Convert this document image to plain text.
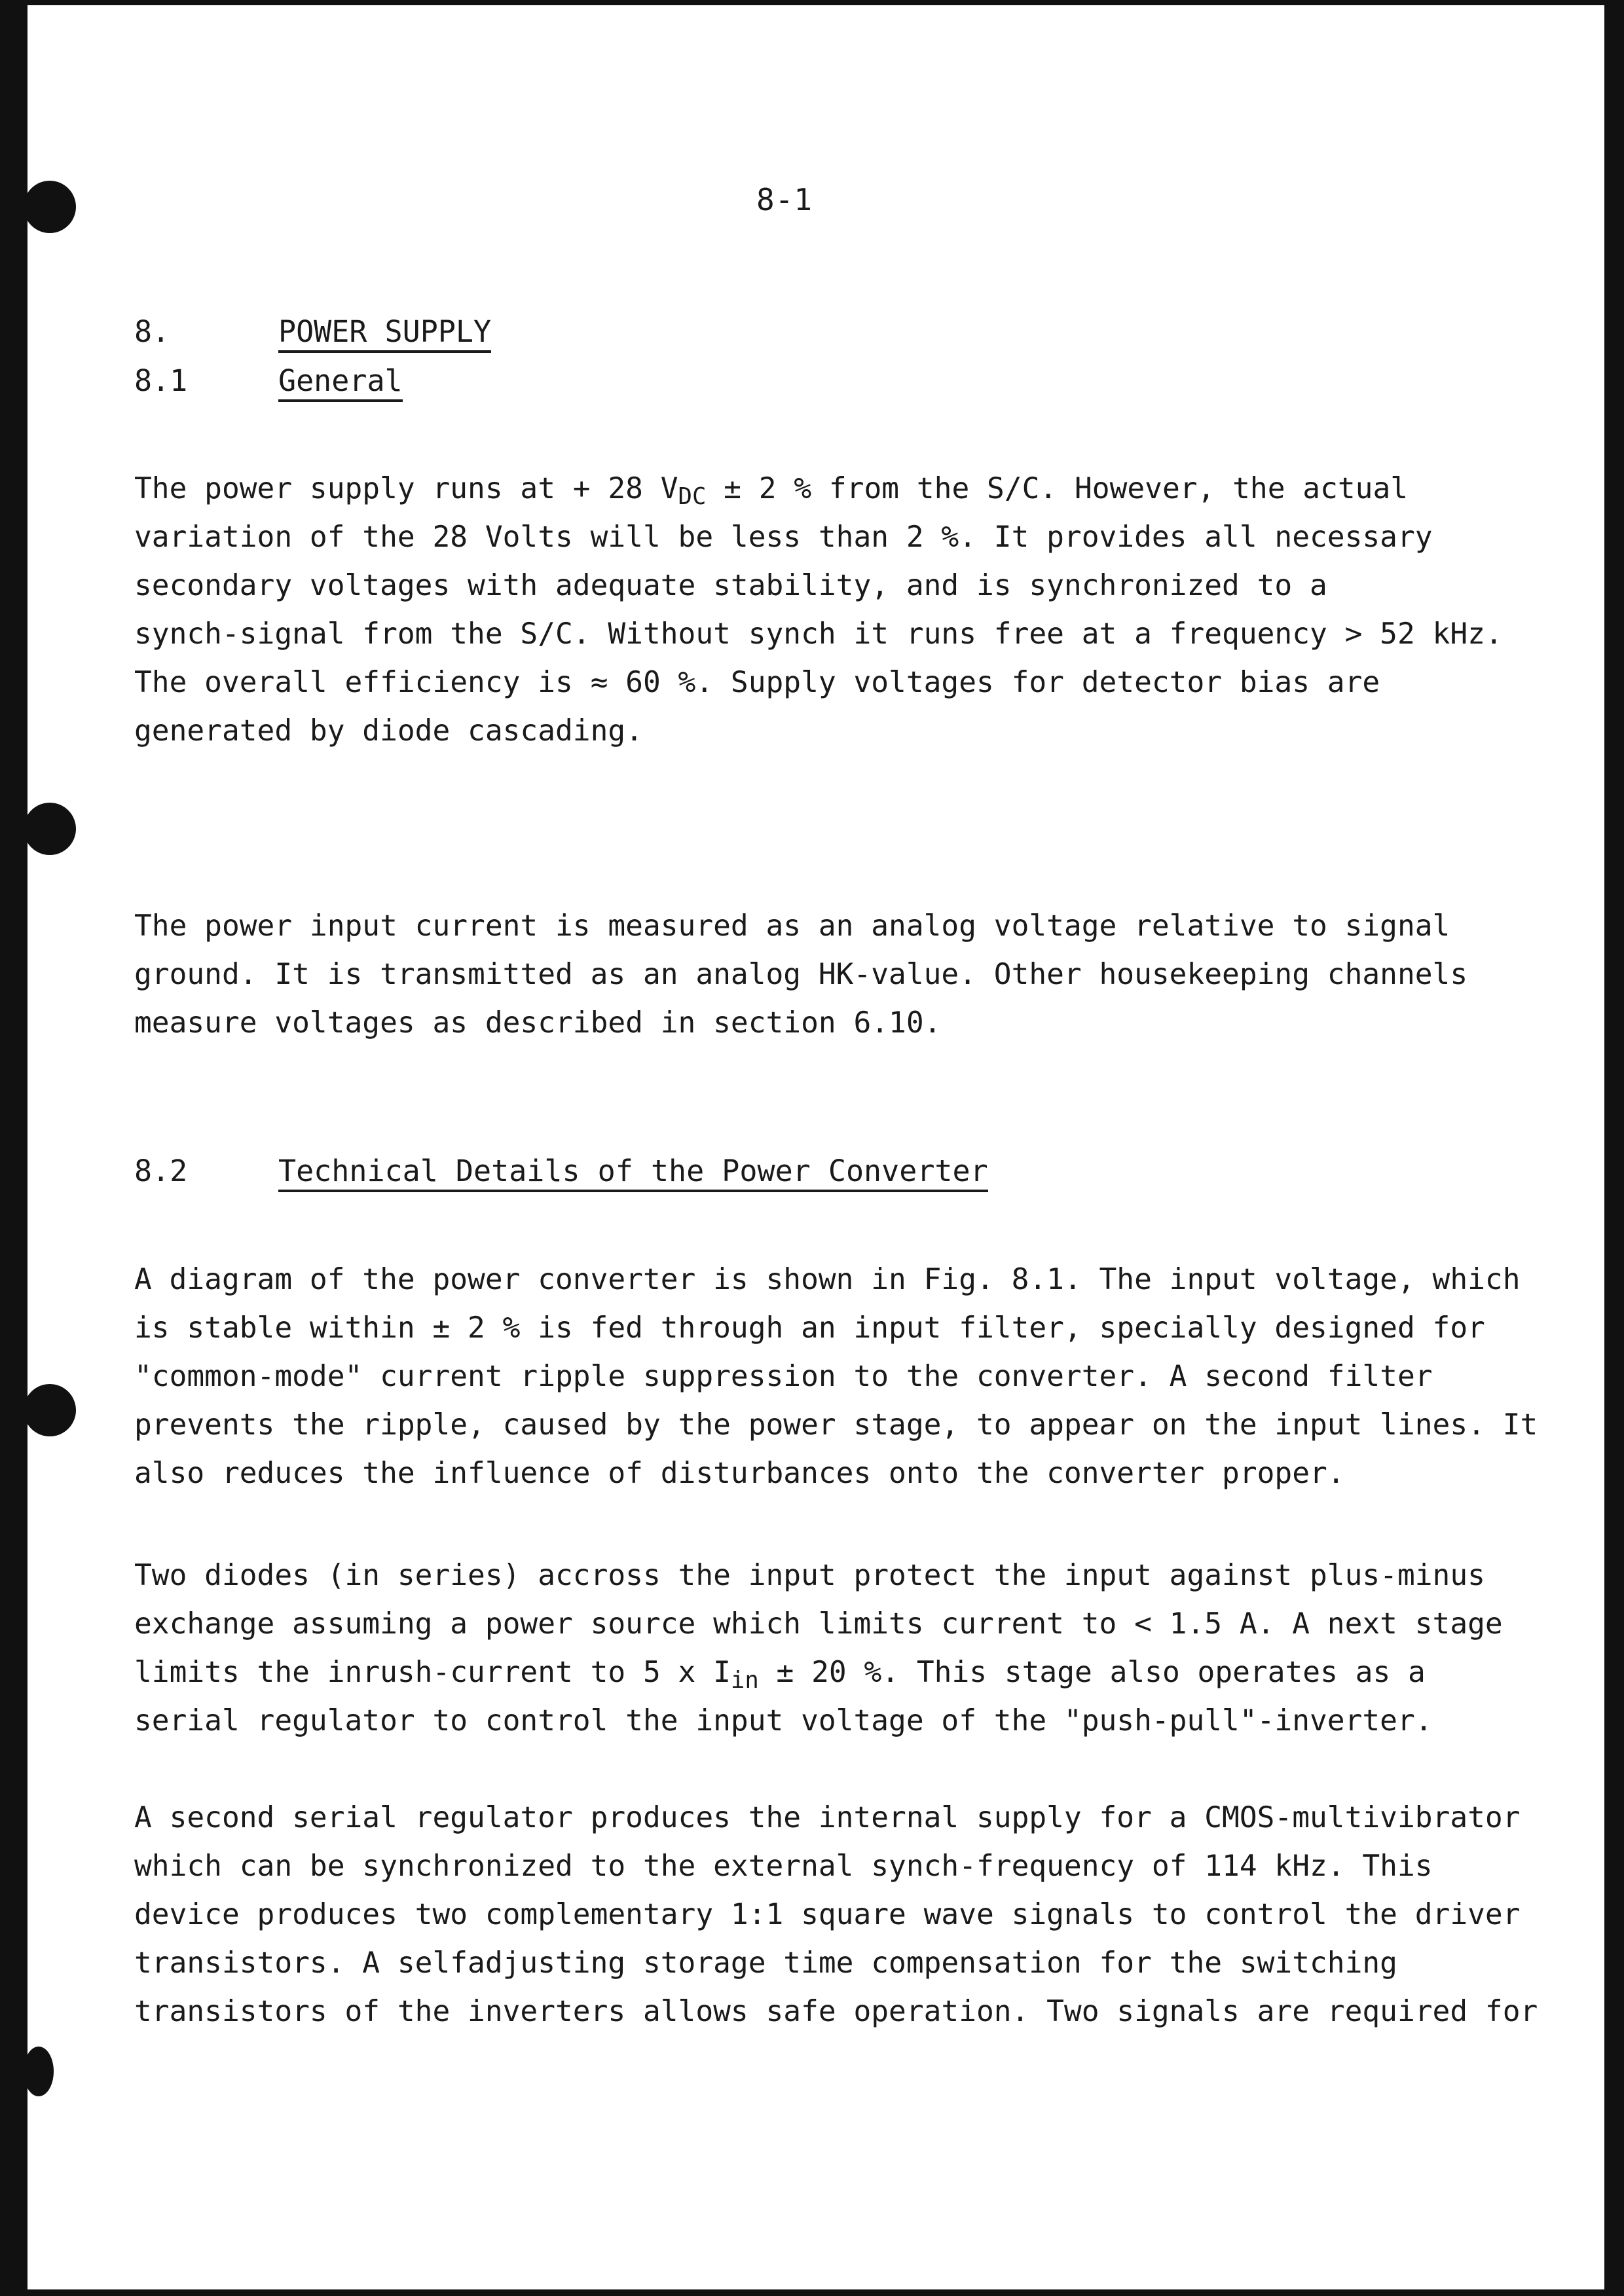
8-1
8.	POWER SUPPLY
8.1	General
The power supply runs at + 28 $V_{DC} \pm 2$ % from the S/C. However, the actual
variation of the 28 Volts will be less than 2 %. It provides all necessary
secondary voltages with adequate stability, and is synchronized to a
synch-signal from the S/C. Without synch it runs free at a frequency > 52 kHz.
The overall efficiency is ≈ 60 %. Supply voltages for detector bias are
generated by diode cascading.
The power input current is measured as an analog voltage relative to signal
ground. It is transmitted as an analog HK-value. Other housekeeping channels
measure voltages as described in section 6.10.
8.2	Technical Details of the Power Converter
A diagram of the power converter is shown in Fig. 8.1. The input voltage, which
is stable within ± 2 % is fed through an input filter, specially designed for
"common-mode" current ripple suppression to the converter. A second filter
prevents the ripple, caused by the power stage, to appear on the input lines. It
also reduces the influence of disturbances onto the converter proper.
Two diodes (in series) accross the input protect the input against plus-minus
exchange assuming a power source which limits current to < 1.5 A. A next stage
limits the inrush-current to 5 x $I_{in} \pm 20$ %. This stage also operates as a
serial regulator to control the input voltage of the "push-pull"-inverter.
A second serial regulator produces the internal supply for a CMOS-multivibrator
which can be synchronized to the external synch-frequency of 114 kHz. This
device produces two complementary 1:1 square wave signals to control the driver
transistors. A selfadjusting storage time compensation for the switching
transistors of the inverters allows safe operation. Two signals are required for
